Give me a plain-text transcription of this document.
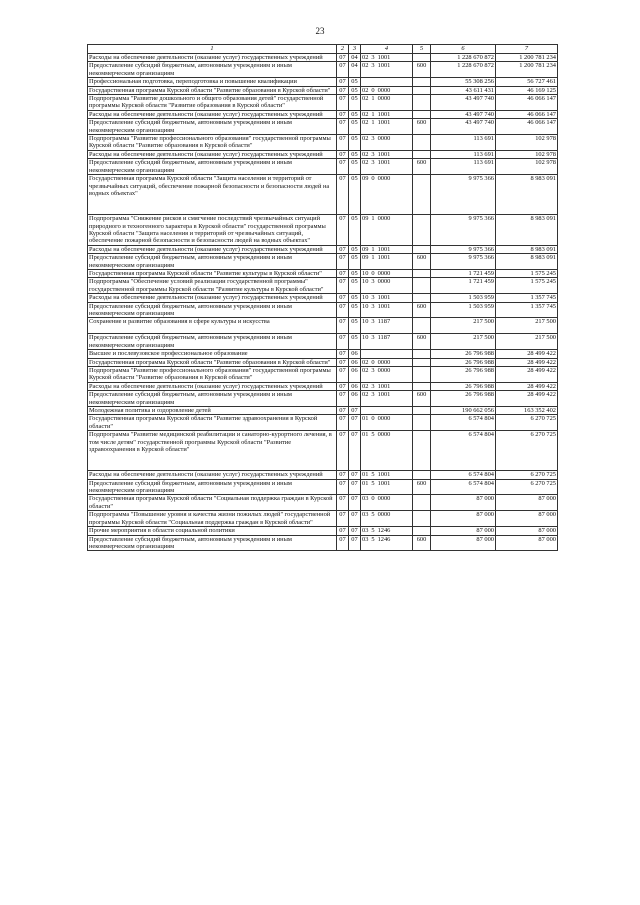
23
1	2	3	4	5	6	7
Расходы на обеспечение деятельности (оказание услуг) государственных учреждений	07	04	02 3 1001		1 228 670 872	1 200 781 234
Предоставление субсидий бюджетным, автономным учреждениям и иным некоммерческим организациям	07	04	02 3 1001	600	1 228 670 872	1 200 781 234
Профессиональная подготовка, переподготовка и повышение квалификации	07	05			55 308 256	56 727 461
Государственная программа Курской области "Развитие образования в Курской области"	07	05	02 0 0000		43 611 431	46 169 125
Подпрограмма "Развитие дошкольного и общего образования детей" государственной программы Курской области "Развитие образования в Курской области"	07	05	02 1 0000		43 497 740	46 066 147
Расходы на обеспечение деятельности (оказание услуг) государственных учреждений	07	05	02 1 1001		43 497 740	46 066 147
Предоставление субсидий бюджетным, автономным учреждениям и иным некоммерческим организациям	07	05	02 1 1001	600	43 497 740	46 066 147
Подпрограмма "Развитие профессионального образования" государственной программы Курской области "Развитие образования в Курской области"	07	05	02 3 0000		113 691	102 978
Расходы на обеспечение деятельности (оказание услуг) государственных учреждений	07	05	02 3 1001		113 691	102 978
Предоставление субсидий бюджетным, автономным учреждениям и иным некоммерческим организациям	07	05	02 3 1001	600	113 691	102 978
Государственная программа Курской области "Защита населения и территорий от чрезвычайных ситуаций, обеспечение пожарной безопасности и безопасности людей на водных объектах"	07	05	09 0 0000		9 975 366	8 983 091
Подпрограмма "Снижение рисков и смягчение последствий чрезвычайных ситуаций природного и техногенного характера в Курской области" государственной программы Курской области "Защита населения и территорий от чрезвычайных ситуаций, обеспечение пожарной безопасности и безопасности людей на водных объектах"	07	05	09 1 0000		9 975 366	8 983 091
Расходы на обеспечение деятельности (оказание услуг) государственных учреждений	07	05	09 1 1001		9 975 366	8 983 091
Предоставление субсидий бюджетным, автономным учреждениям и иным некоммерческим организациям	07	05	09 1 1001	600	9 975 366	8 983 091
Государственная программа Курской области "Развитие культуры в Курской области"	07	05	10 0 0000		1 721 459	1 575 245
Подпрограмма "Обеспечение условий реализации государственной программы" государственной программы Курской области "Развитие культуры в Курской области"	07	05	10 3 0000		1 721 459	1 575 245
Расходы на обеспечение деятельности (оказание услуг) государственных учреждений	07	05	10 3 1001		1 503 959	1 357 745
Предоставление субсидий бюджетным, автономным учреждениям и иным некоммерческим организациям	07	05	10 3 1001	600	1 503 959	1 357 745
Сохранение и развитие образования в сфере культуры и искусства	07	05	10 3 1187		217 500	217 500
Предоставление субсидий бюджетным, автономным учреждениям и иным некоммерческим организациям	07	05	10 3 1187	600	217 500	217 500
Высшее и послевузовское профессиональное образование	07	06			26 796 988	28 499 422
Государственная программа Курской области "Развитие образования в Курской области"	07	06	02 0 0000		26 796 988	28 499 422
Подпрограмма "Развитие профессионального образования" государственной программы Курской области "Развитие образования в Курской области"	07	06	02 3 0000		26 796 988	28 499 422
Расходы на обеспечение деятельности (оказание услуг) государственных учреждений	07	06	02 3 1001		26 796 988	28 499 422
Предоставление субсидий бюджетным, автономным учреждениям и иным некоммерческим организациям	07	06	02 3 1001	600	26 796 988	28 499 422
Молодежная политика и оздоровление детей	07	07			190 662 056	163 352 402
Государственная программа Курской области "Развитие здравоохранения в Курской области"	07	07	01 0 0000		6 574 804	6 270 725
Подпрограмма "Развитие медицинской реабилитации и санаторно-курортного лечения, в том числе детям" государственной программы Курской области "Развитие здравоохранения в Курской области"	07	07	01 5 0000		6 574 804	6 270 725
Расходы на обеспечение деятельности (оказание услуг) государственных учреждений	07	07	01 5 1001		6 574 804	6 270 725
Предоставление субсидий бюджетным, автономным учреждениям и иным некоммерческим организациям	07	07	01 5 1001	600	6 574 804	6 270 725
Государственная программа Курской области "Социальная поддержка граждан в Курской области"	07	07	03 0 0000		87 000	87 000
Подпрограмма "Повышение уровня и качества жизни пожилых людей" государственной программы Курской области "Социальная поддержка граждан в Курской области"	07	07	03 5 0000		87 000	87 000
Прочие мероприятия в области социальной политики	07	07	03 5 1246		87 000	87 000
Предоставление субсидий бюджетным, автономным учреждениям и иным некоммерческим организациям	07	07	03 5 1246	600	87 000	87 000
